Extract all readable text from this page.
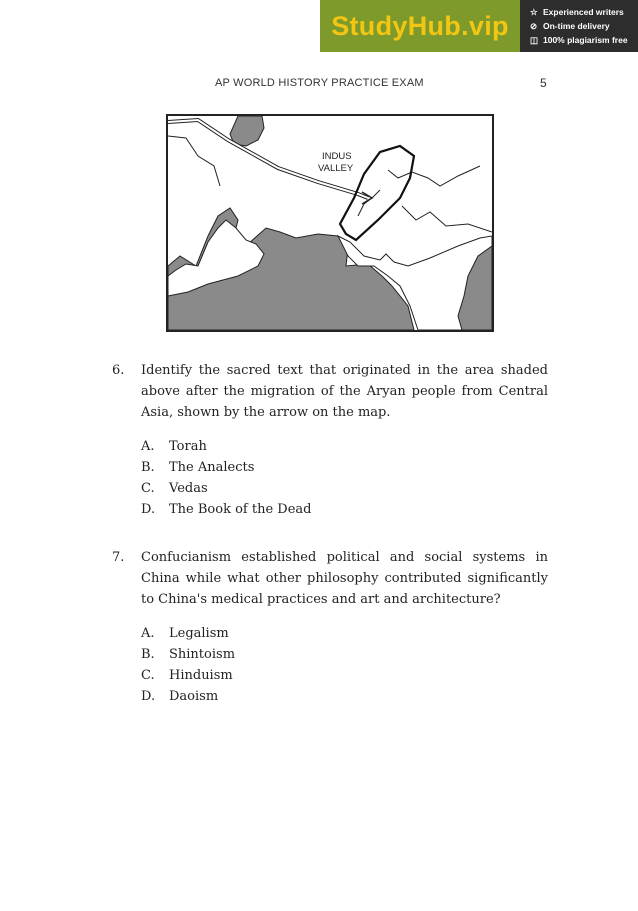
StudyHub.vip	☆ Experienced writers
⊘ On-time delivery
◫ 100% plagiarism free
AP WORLD HISTORY PRACTICE EXAM	5
INDUS
VALLEY
6. Identify the sacred text that originated in the area shaded above after the migration of the Aryan people from Central Asia, shown by the arrow on the map.
A. Torah
B. The Analects
C. Vedas
D. The Book of the Dead
7. Confucianism established political and social systems in China while what other philosophy contributed significantly to China's medical practices and art and architecture?
A. Legalism
B. Shintoism
C. Hinduism
D. Daoism
